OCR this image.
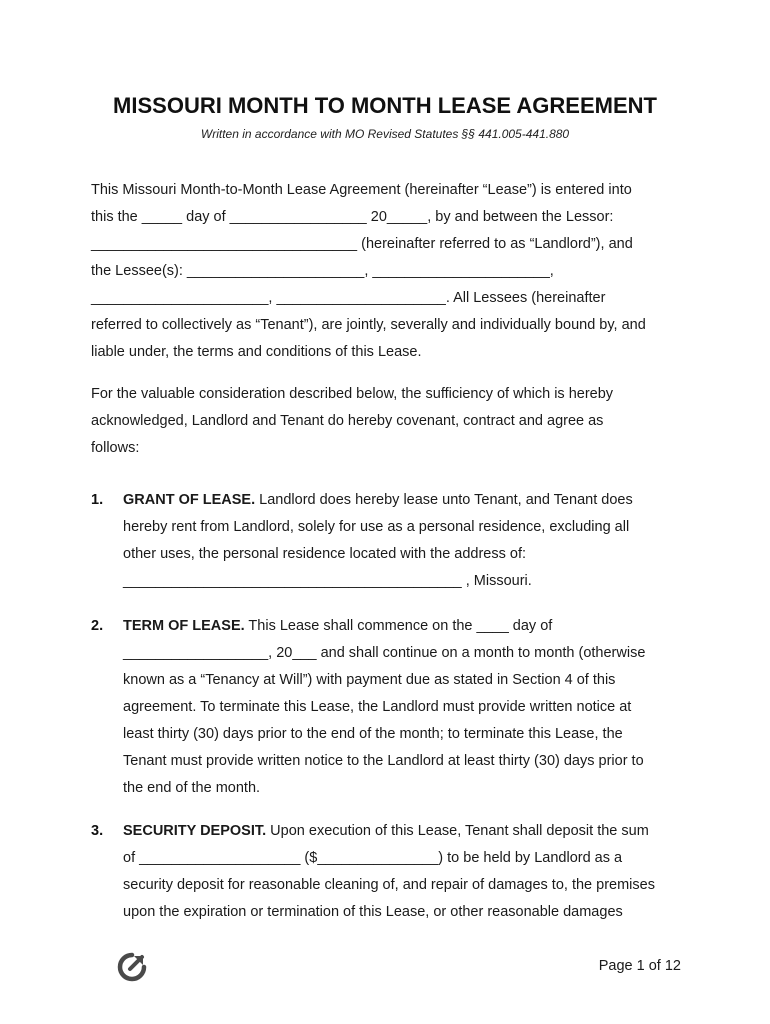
MISSOURI MONTH TO MONTH LEASE AGREEMENT
Written in accordance with MO Revised Statutes §§ 441.005-441.880
This Missouri Month-to-Month Lease Agreement (hereinafter “Lease”) is entered into
this the _____ day of _________________ 20_____, by and between the Lessor:
_________________________________ (hereinafter referred to as “Landlord”), and
the Lessee(s): ______________________, ______________________,
______________________, _____________________. All Lessees (hereinafter
referred to collectively as “Tenant”), are jointly, severally and individually bound by, and
liable under, the terms and conditions of this Lease.
For the valuable consideration described below, the sufficiency of which is hereby
acknowledged, Landlord and Tenant do hereby covenant, contract and agree as
follows:
1. GRANT OF LEASE. Landlord does hereby lease unto Tenant, and Tenant does
hereby rent from Landlord, solely for use as a personal residence, excluding all
other uses, the personal residence located with the address of:
__________________________________________ , Missouri.
2. TERM OF LEASE. This Lease shall commence on the ____ day of
__________________, 20___ and shall continue on a month to month (otherwise
known as a “Tenancy at Will”) with payment due as stated in Section 4 of this
agreement. To terminate this Lease, the Landlord must provide written notice at
least thirty (30) days prior to the end of the month; to terminate this Lease, the
Tenant must provide written notice to the Landlord at least thirty (30) days prior to
the end of the month.
3. SECURITY DEPOSIT. Upon execution of this Lease, Tenant shall deposit the sum
of ____________________ ($_______________) to be held by Landlord as a
security deposit for reasonable cleaning of, and repair of damages to, the premises
upon the expiration or termination of this Lease, or other reasonable damages
Page 1 of 12
